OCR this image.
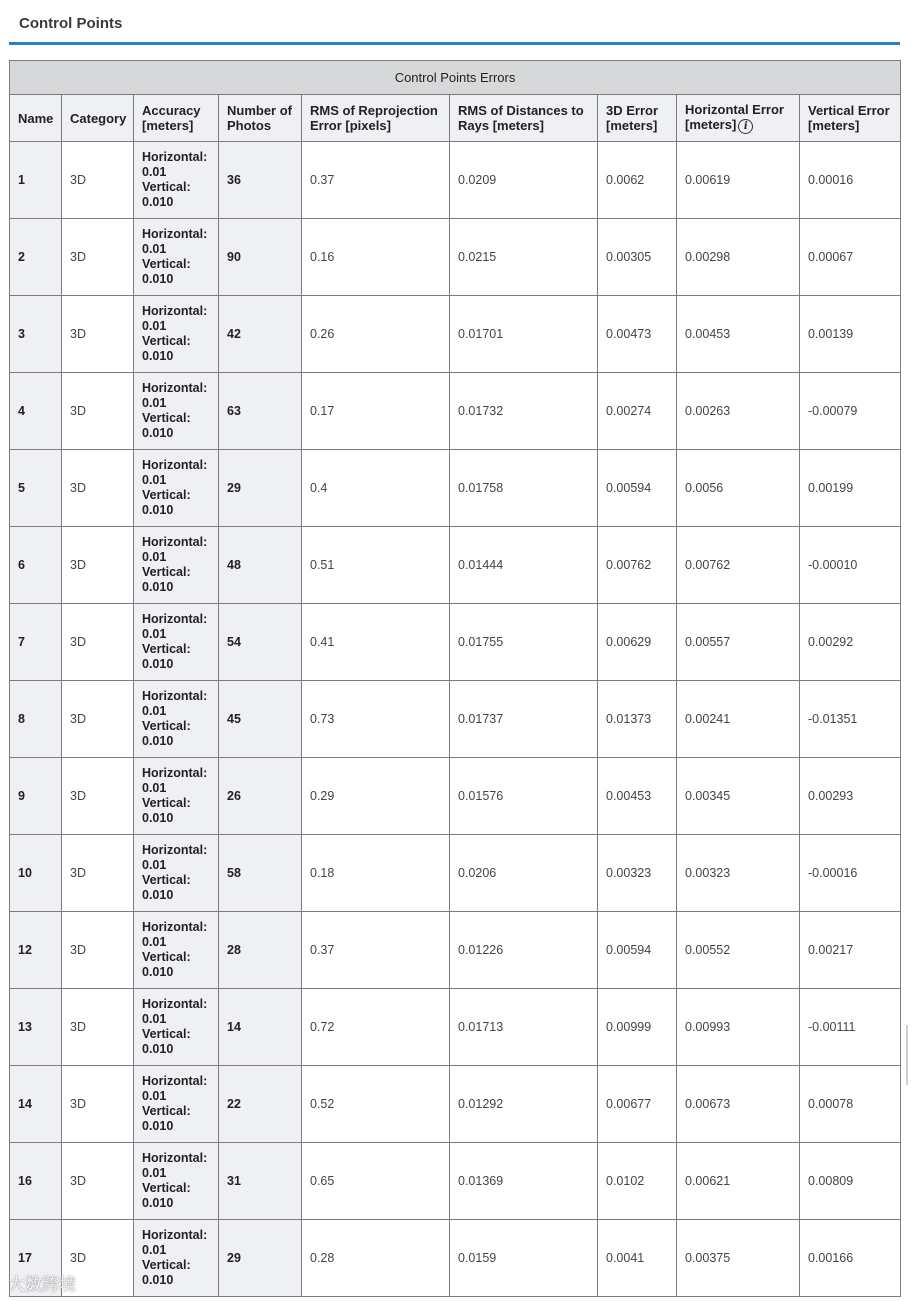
Control Points
Control Points Errors								
Name	Category	Accuracy [meters]	Number of Photos	RMS of Reprojection Error [pixels]	RMS of Distances to Rays [meters]	3D Error [meters]	Horizontal Error [meters] i	Vertical Error [meters]
1	3D	Horizontal:
0.01
Vertical:
0.010	36	0.37	0.0209	0.0062	0.00619	0.00016
2	3D	Horizontal:
0.01
Vertical:
0.010	90	0.16	0.0215	0.00305	0.00298	0.00067
3	3D	Horizontal:
0.01
Vertical:
0.010	42	0.26	0.01701	0.00473	0.00453	0.00139
4	3D	Horizontal:
0.01
Vertical:
0.010	63	0.17	0.01732	0.00274	0.00263	-0.00079
5	3D	Horizontal:
0.01
Vertical:
0.010	29	0.4	0.01758	0.00594	0.0056	0.00199
6	3D	Horizontal:
0.01
Vertical:
0.010	48	0.51	0.01444	0.00762	0.00762	-0.00010
7	3D	Horizontal:
0.01
Vertical:
0.010	54	0.41	0.01755	0.00629	0.00557	0.00292
8	3D	Horizontal:
0.01
Vertical:
0.010	45	0.73	0.01737	0.01373	0.00241	-0.01351
9	3D	Horizontal:
0.01
Vertical:
0.010	26	0.29	0.01576	0.00453	0.00345	0.00293
10	3D	Horizontal:
0.01
Vertical:
0.010	58	0.18	0.0206	0.00323	0.00323	-0.00016
12	3D	Horizontal:
0.01
Vertical:
0.010	28	0.37	0.01226	0.00594	0.00552	0.00217
13	3D	Horizontal:
0.01
Vertical:
0.010	14	0.72	0.01713	0.00999	0.00993	-0.00111
14	3D	Horizontal:
0.01
Vertical:
0.010	22	0.52	0.01292	0.00677	0.00673	0.00078
16	3D	Horizontal:
0.01
Vertical:
0.010	31	0.65	0.01369	0.0102	0.00621	0.00809
17	3D	Horizontal:
0.01
Vertical:
0.010	29	0.28	0.0159	0.0041	0.00375	0.00166
大数跨境
